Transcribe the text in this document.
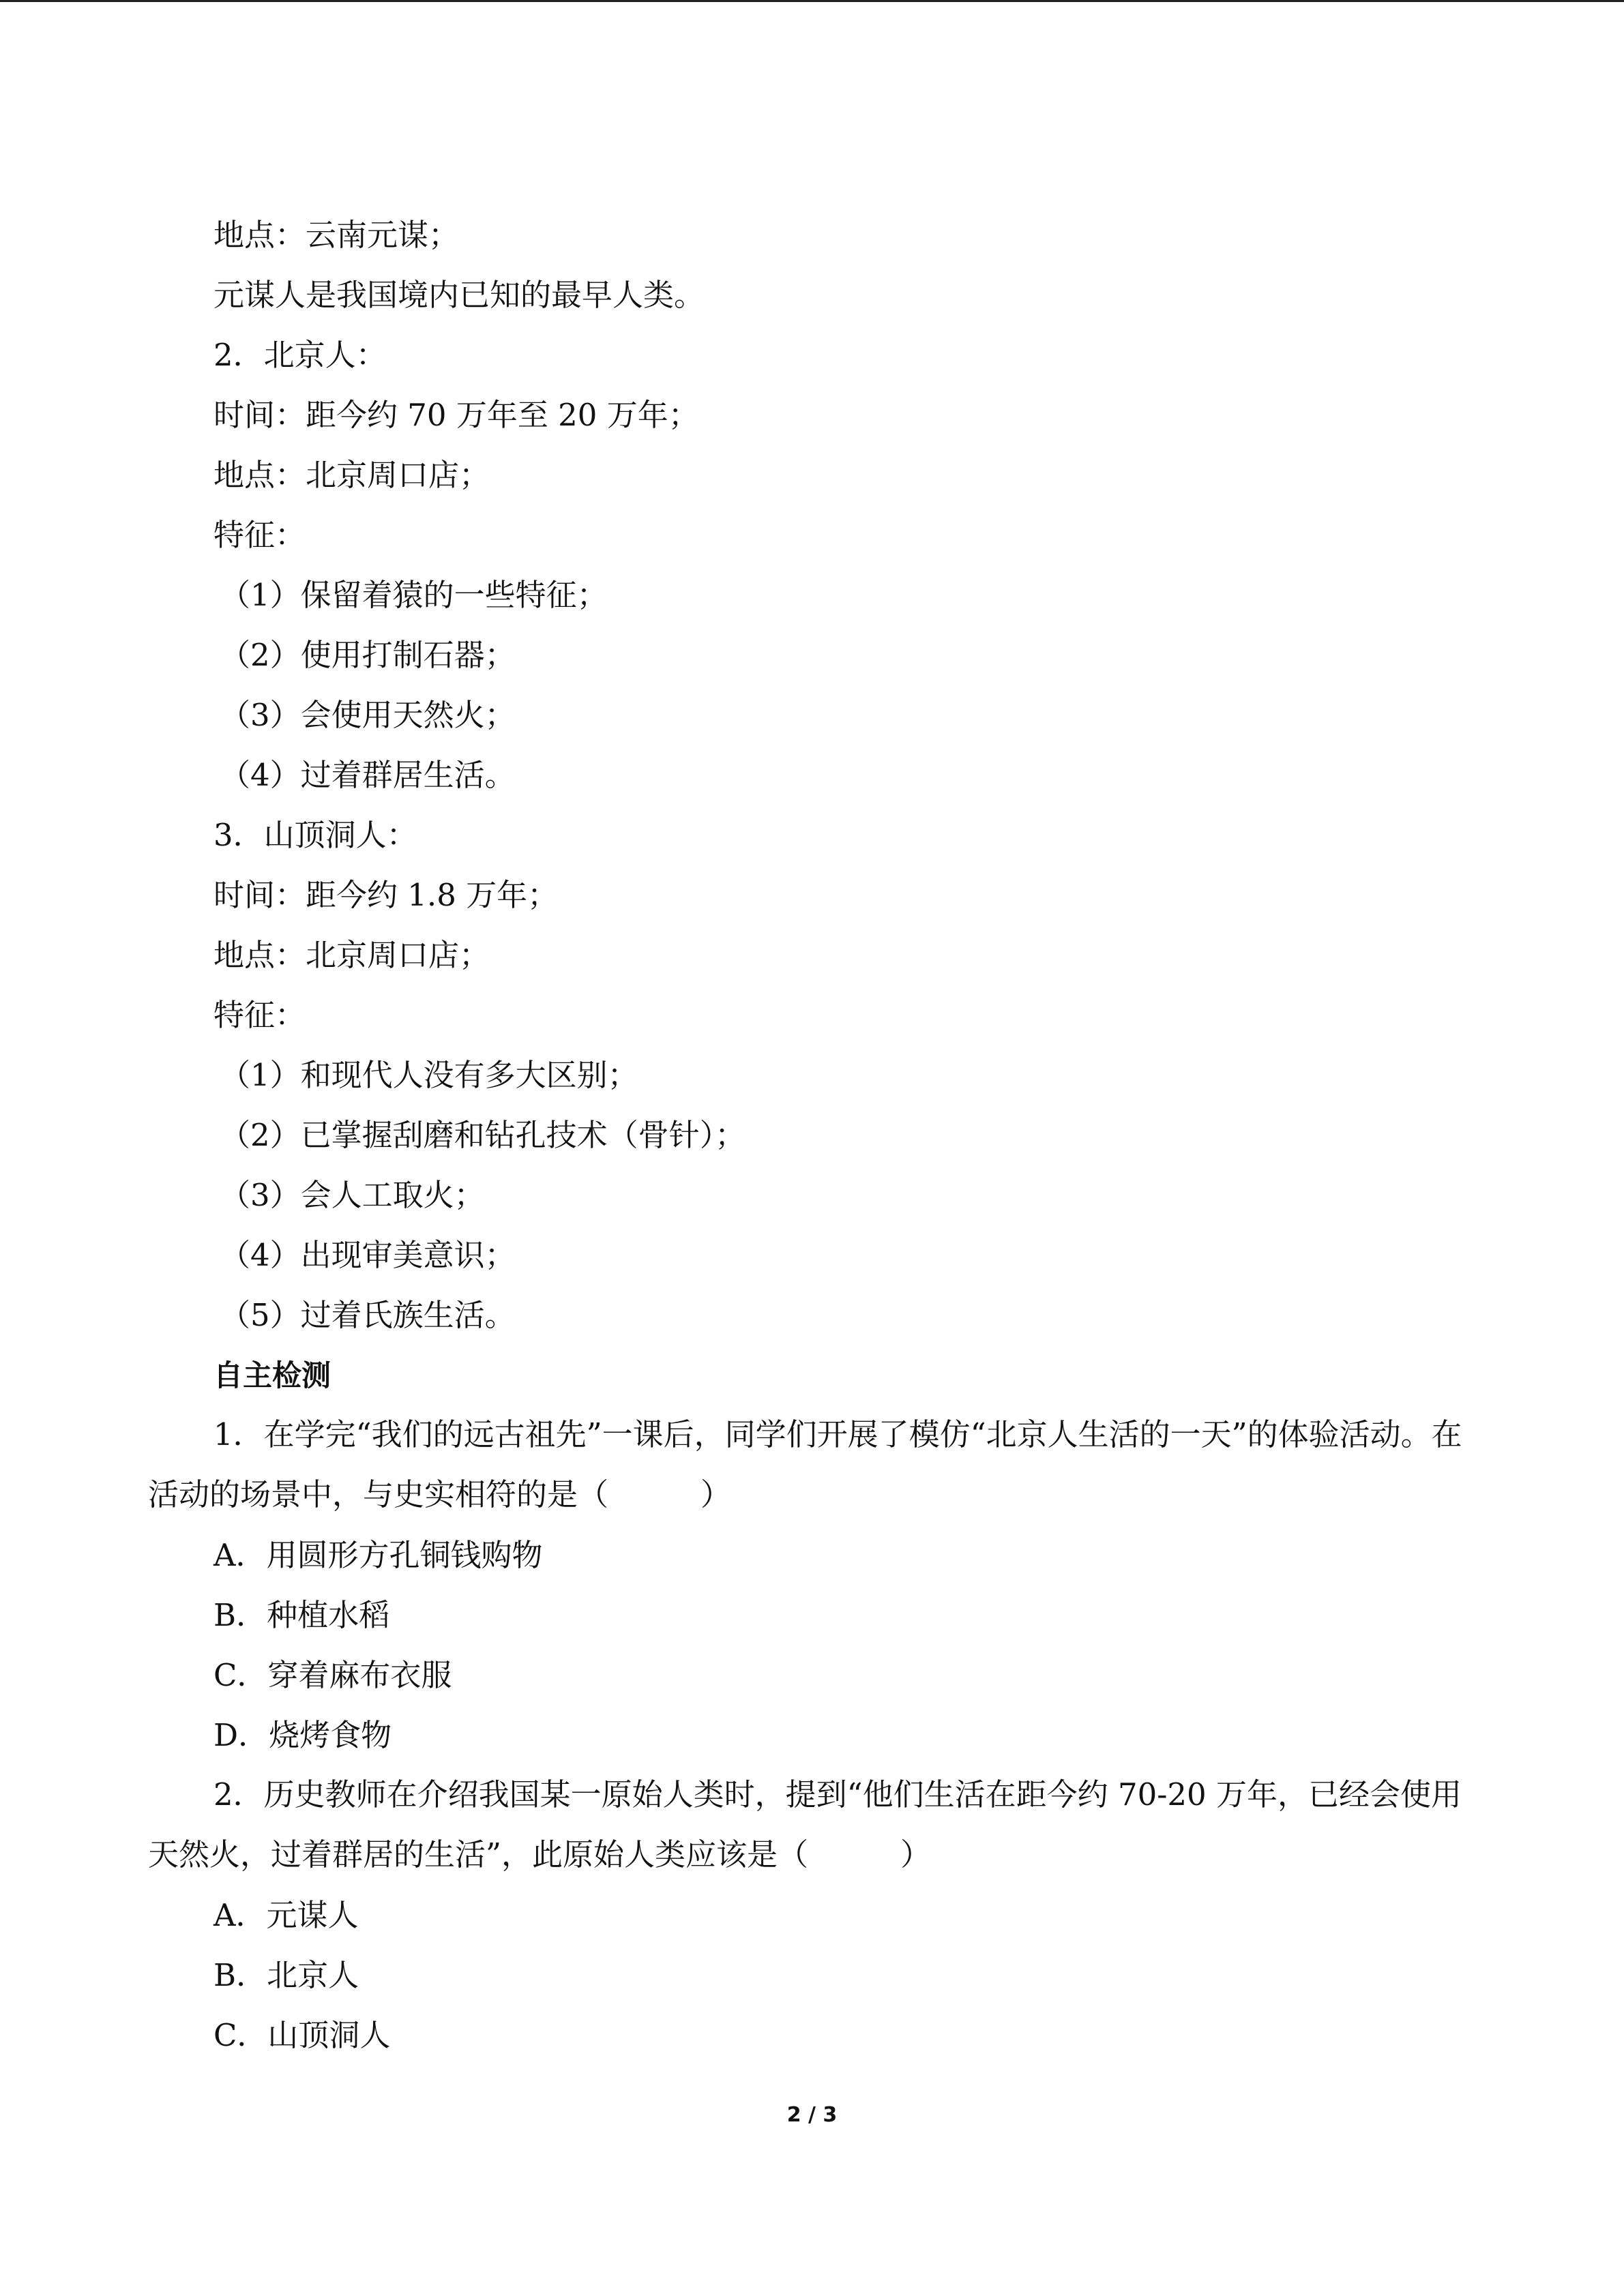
地点：云南元谋；
元谋人是我国境内已知的最早人类。
2．北京人：
时间：距今约 70 万年至 20 万年；
地点：北京周口店；
特征：
（1）保留着猿的一些特征；
（2）使用打制石器；
（3）会使用天然火；
（4）过着群居生活。
3．山顶洞人：
时间：距今约 1.8 万年；
地点：北京周口店；
特征：
（1）和现代人没有多大区别；
（2）已掌握刮磨和钻孔技术（骨针）；
（3）会人工取火；
（4）出现审美意识；
（5）过着氏族生活。
自主检测
1．在学完“我们的远古祖先”一课后，同学们开展了模仿“北京人生活的一天”的体验活动。在活动的场景中，与史实相符的是（　　　）
A．用圆形方孔铜钱购物
B．种植水稻
C．穿着麻布衣服
D．烧烤食物
2．历史教师在介绍我国某一原始人类时，提到“他们生活在距今约 70-20 万年，已经会使用天然火，过着群居的生活”，此原始人类应该是（　　　）
A．元谋人
B．北京人
C．山顶洞人
2 / 3
